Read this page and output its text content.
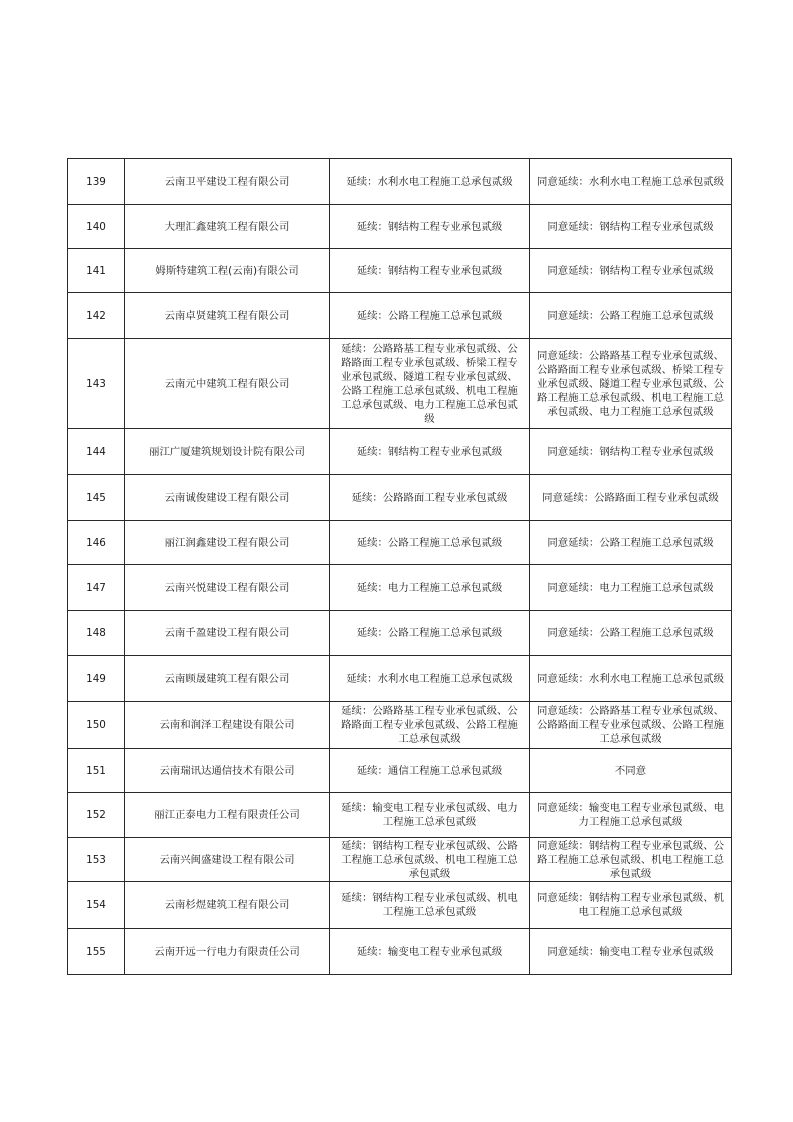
139	云南卫平建设工程有限公司	延续：水利水电工程施工总承包贰级	同意延续：水利水电工程施工总承包贰级
140	大理汇鑫建筑工程有限公司	延续：钢结构工程专业承包贰级	同意延续：钢结构工程专业承包贰级
141	姆斯特建筑工程(云南)有限公司	延续：钢结构工程专业承包贰级	同意延续：钢结构工程专业承包贰级
142	云南卓贤建筑工程有限公司	延续：公路工程施工总承包贰级	同意延续：公路工程施工总承包贰级
143	云南元中建筑工程有限公司	延续：公路路基工程专业承包贰级、公路路面工程专业承包贰级、桥梁工程专业承包贰级、隧道工程专业承包贰级、公路工程施工总承包贰级、机电工程施工总承包贰级、电力工程施工总承包贰级	同意延续：公路路基工程专业承包贰级、公路路面工程专业承包贰级、桥梁工程专业承包贰级、隧道工程专业承包贰级、公路工程施工总承包贰级、机电工程施工总承包贰级、电力工程施工总承包贰级
144	丽江广厦建筑规划设计院有限公司	延续：钢结构工程专业承包贰级	同意延续：钢结构工程专业承包贰级
145	云南诚俊建设工程有限公司	延续：公路路面工程专业承包贰级	同意延续：公路路面工程专业承包贰级
146	丽江润鑫建设工程有限公司	延续：公路工程施工总承包贰级	同意延续：公路工程施工总承包贰级
147	云南兴悦建设工程有限公司	延续：电力工程施工总承包贰级	同意延续：电力工程施工总承包贰级
148	云南千盈建设工程有限公司	延续：公路工程施工总承包贰级	同意延续：公路工程施工总承包贰级
149	云南顾晟建筑工程有限公司	延续：水利水电工程施工总承包贰级	同意延续：水利水电工程施工总承包贰级
150	云南和润泽工程建设有限公司	延续：公路路基工程专业承包贰级、公路路面工程专业承包贰级、公路工程施工总承包贰级	同意延续：公路路基工程专业承包贰级、公路路面工程专业承包贰级、公路工程施工总承包贰级
151	云南瑞讯达通信技术有限公司	延续：通信工程施工总承包贰级	不同意
152	丽江正泰电力工程有限责任公司	延续：输变电工程专业承包贰级、电力工程施工总承包贰级	同意延续：输变电工程专业承包贰级、电力工程施工总承包贰级
153	云南兴闽盛建设工程有限公司	延续：钢结构工程专业承包贰级、公路工程施工总承包贰级、机电工程施工总承包贰级	同意延续：钢结构工程专业承包贰级、公路工程施工总承包贰级、机电工程施工总承包贰级
154	云南杉煜建筑工程有限公司	延续：钢结构工程专业承包贰级、机电工程施工总承包贰级	同意延续：钢结构工程专业承包贰级、机电工程施工总承包贰级
155	云南开远一行电力有限责任公司	延续：输变电工程专业承包贰级	同意延续：输变电工程专业承包贰级
